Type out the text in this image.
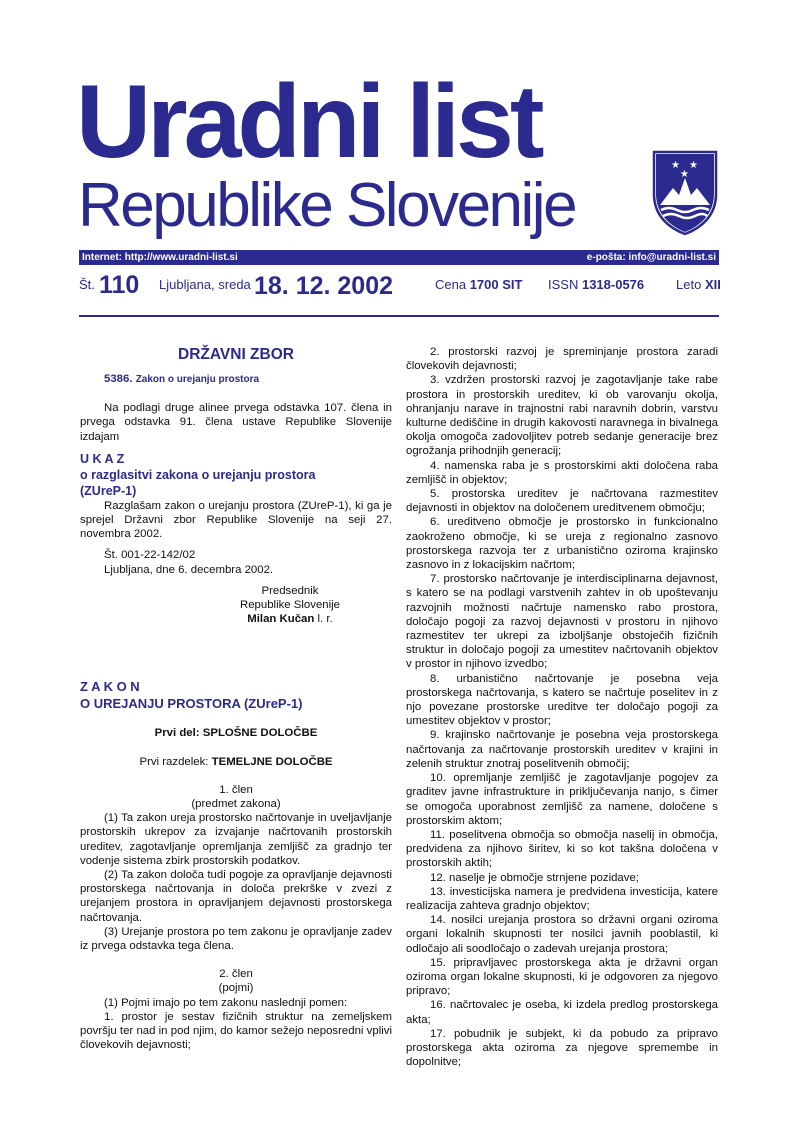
Uradni list
Republike Slovenije
★ ★
★
Internet: http://www.uradni-list.si	e-pošta: info@uradni-list.si
Št. 110 Ljubljana, sreda 18. 12. 2002	Cena 1700 SIT ISSN 1318-0576 Leto XII

DRŽAVNI ZBOR

5386. Zakon o urejanju prostora

Na podlagi druge alinee prvega odstavka 107. člena in prvega odstavka 91. člena ustave Republike Slovenije izdajam

U K A Z

o razglasitvi zakona o urejanju prostora

(ZUreP-1)

Razglašam zakon o urejanju prostora (ZUreP-1), ki ga je sprejel Državni zbor Republike Slovenije na seji 27. novembra 2002.

Št. 001-22-142/02

Ljubljana, dne 6. decembra 2002.

Predsednik

Republike Slovenije

Milan Kučan l. r.

Z A K O N

O UREJANJU PROSTORA (ZUreP-1)

Prvi del: SPLOŠNE DOLOČBE

Prvi razdelek: TEMELJNE DOLOČBE

1. člen

(predmet zakona)

(1) Ta zakon ureja prostorsko načrtovanje in uveljavljanje prostorskih ukrepov za izvajanje načrtovanih prostorskih ureditev, zagotavljanje opremljanja zemljišč za gradnjo ter vodenje sistema zbirk prostorskih podatkov.

(2) Ta zakon določa tudi pogoje za opravljanje dejavnosti prostorskega načrtovanja in določa prekrške v zvezi z urejanjem prostora in opravljanjem dejavnosti prostorskega načrtovanja.

(3) Urejanje prostora po tem zakonu je opravljanje zadev iz prvega odstavka tega člena.

2. člen

(pojmi)

(1) Pojmi imajo po tem zakonu naslednji pomen:

1. prostor je sestav fizičnih struktur na zemeljskem površju ter nad in pod njim, do kamor sežejo neposredni vplivi človekovih dejavnosti;

2. prostorski razvoj je spreminjanje prostora zaradi človekovih dejavnosti;

3. vzdržen prostorski razvoj je zagotavljanje take rabe prostora in prostorskih ureditev, ki ob varovanju okolja, ohranjanju narave in trajnostni rabi naravnih dobrin, varstvu kulturne dediščine in drugih kakovosti naravnega in bivalnega okolja omogoča zadovoljitev potreb sedanje generacije brez ogrožanja prihodnjih generacij;

4. namenska raba je s prostorskimi akti določena raba zemljišč in objektov;

5. prostorska ureditev je načrtovana razmestitev dejavnosti in objektov na določenem ureditvenem območju;

6. ureditveno območje je prostorsko in funkcionalno zaokroženo območje, ki se ureja z regionalno zasnovo prostorskega razvoja ter z urbanistično oziroma krajinsko zasnovo in z lokacijskim načrtom;

7. prostorsko načrtovanje je interdisciplinarna dejavnost, s katero se na podlagi varstvenih zahtev in ob upoštevanju razvojnih možnosti načrtuje namensko rabo prostora, določajo pogoji za razvoj dejavnosti v prostoru in njihovo razmestitev ter ukrepi za izboljšanje obstoječih fizičnih struktur in določajo pogoji za umestitev načrtovanih objektov v prostor in njihovo izvedbo;

8. urbanistično načrtovanje je posebna veja prostorskega načrtovanja, s katero se načrtuje poselitev in z njo povezane prostorske ureditve ter določajo pogoji za umestitev objektov v prostor;

9. krajinsko načrtovanje je posebna veja prostorskega načrtovanja za načrtovanje prostorskih ureditev v krajini in zelenih struktur znotraj poselitvenih območij;

10. opremljanje zemljišč je zagotavljanje pogojev za graditev javne infrastrukture in priključevanja nanjo, s čimer se omogoča uporabnost zemljišč za namene, določene s prostorskim aktom;

11. poselitvena območja so območja naselij in območja, predvidena za njihovo širitev, ki so kot takšna določena v prostorskih aktih;

12. naselje je območje strnjene pozidave;

13. investicijska namera je predvidena investicija, katere realizacija zahteva gradnjo objektov;

14. nosilci urejanja prostora so državni organi oziroma organi lokalnih skupnosti ter nosilci javnih pooblastil, ki odločajo ali soodločajo o zadevah urejanja prostora;

15. pripravljavec prostorskega akta je državni organ oziroma organ lokalne skupnosti, ki je odgovoren za njegovo pripravo;

16. načrtovalec je oseba, ki izdela predlog prostorskega akta;

17. pobudnik je subjekt, ki da pobudo za pripravo prostorskega akta oziroma za njegove spremembe in dopolnitve;
